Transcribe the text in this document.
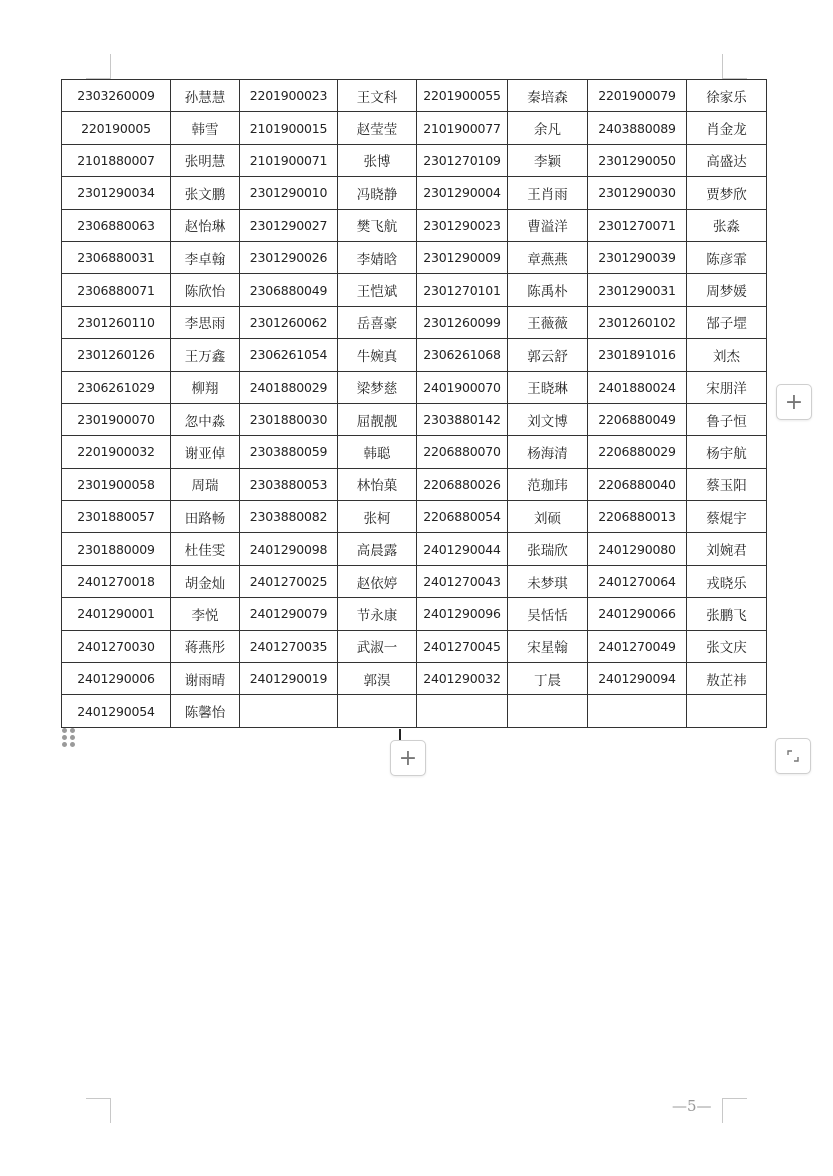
2303260009	孙慧慧	2201900023	王文科	2201900055	秦培森	2201900079	徐家乐
220190005	韩雪	2101900015	赵莹莹	2101900077	余凡	2403880089	肖金龙
2101880007	张明慧	2101900071	张博	2301270109	李颖	2301290050	高盛达
2301290034	张文鹏	2301290010	冯晓静	2301290004	王肖雨	2301290030	贾梦欣
2306880063	赵怡琳	2301290027	樊飞航	2301290023	曹溢洋	2301270071	张淼
2306880031	李卓翰	2301290026	李婧晗	2301290009	章燕燕	2301290039	陈彦霏
2306880071	陈欣怡	2306880049	王恺斌	2301270101	陈禹朴	2301290031	周梦媛
2301260110	李思雨	2301260062	岳喜豪	2301260099	王薇薇	2301260102	郜子堽
2301260126	王万鑫	2306261054	牛婉真	2306261068	郭云舒	2301891016	刘杰
2306261029	柳翔	2401880029	梁梦慈	2401900070	王晓琳	2401880024	宋朋洋
2301900070	忽中淼	2301880030	屈靓靓	2303880142	刘文博	2206880049	鲁子恒
2201900032	谢亚倬	2303880059	韩聪	2206880070	杨海清	2206880029	杨宇航
2301900058	周瑞	2303880053	林怡菓	2206880026	范珈玮	2206880040	蔡玉阳
2301880057	田路畅	2303880082	张柯	2206880054	刘硕	2206880013	蔡焜宇
2301880009	杜佳雯	2401290098	高晨露	2401290044	张瑞欣	2401290080	刘婉君
2401270018	胡金灿	2401270025	赵依婷	2401270043	未梦琪	2401270064	戎晓乐
2401290001	李悦	2401290079	节永康	2401290096	吴恬恬	2401290066	张鹏飞
2401270030	蒋燕彤	2401270035	武淑一	2401270045	宋星翰	2401270049	张文庆
2401290006	谢雨晴	2401290019	郭淏	2401290032	丁晨	2401290094	敖芷祎
2401290054	陈馨怡						
+
+
—5—
